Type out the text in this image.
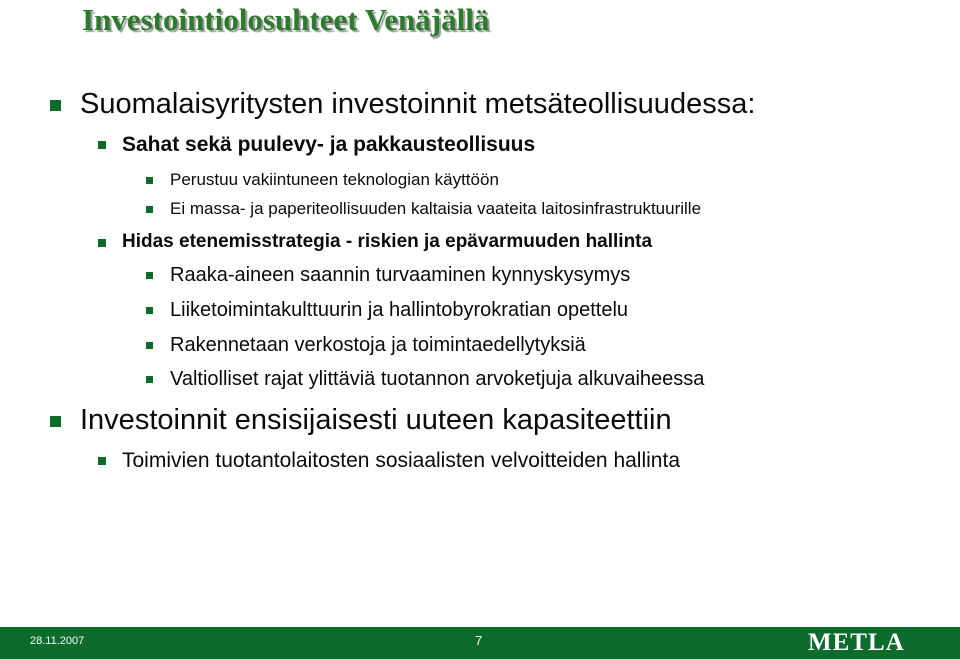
Investointiolosuhteet Venäjällä
Suomalaisyritysten investoinnit metsäteollisuudessa:
Sahat sekä puulevy- ja pakkausteollisuus
Perustuu vakiintuneen teknologian käyttöön
Ei massa- ja paperiteollisuuden kaltaisia vaateita laitosinfrastruktuurille
Hidas etenemisstrategia - riskien ja epävarmuuden hallinta
Raaka-aineen saannin turvaaminen kynnyskysymys
Liiketoimintakulttuurin ja hallintobyrokratian opettelu
Rakennetaan verkostoja ja toimintaedellytyksiä
Valtiolliset rajat ylittäviä tuotannon arvoketjuja alkuvaiheessa
Investoinnit ensisijaisesti uuteen kapasiteettiin
Toimivien tuotantolaitosten sosiaalisten velvoitteiden hallinta
28.11.2007	7	METLA
